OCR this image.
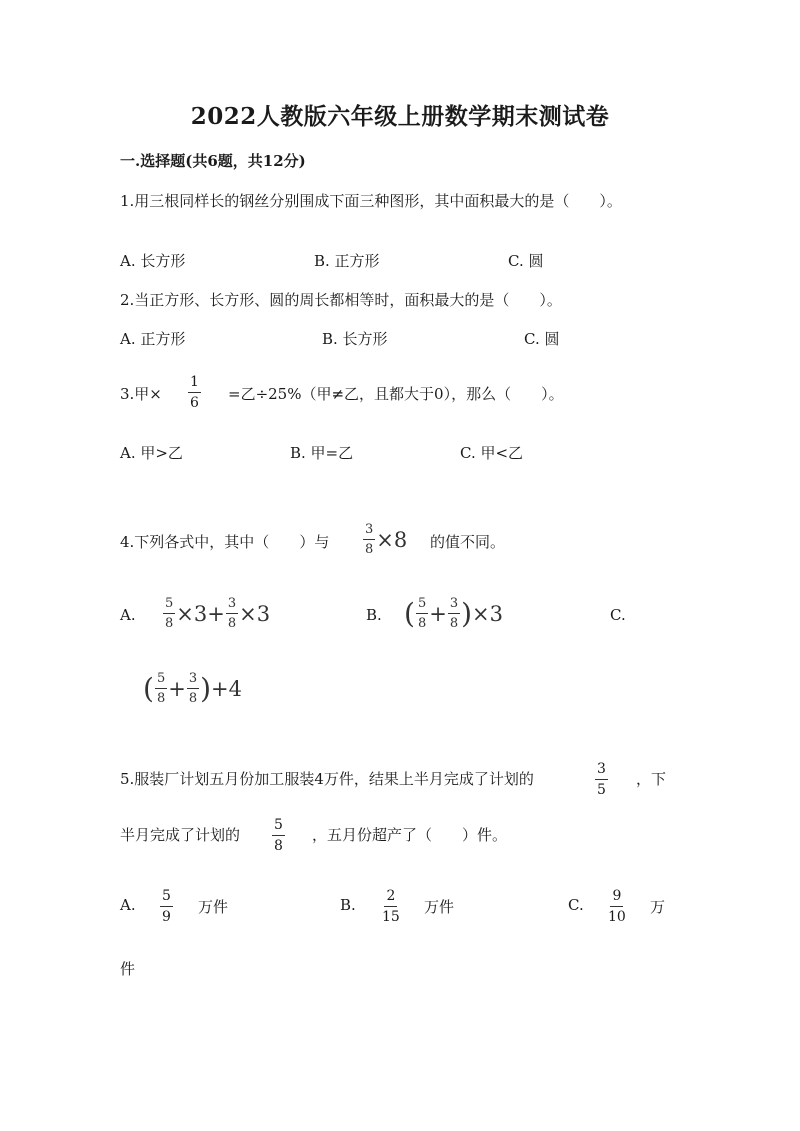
2022人教版六年级上册数学期末测试卷
一.选择题(共6题，共12分)
1.用三根同样长的钢丝分别围成下面三种图形，其中面积最大的是（　　）。
A. 长方形	B. 正方形	C. 圆
2.当正方形、长方形、圆的周长都相等时，面积最大的是（　　）。
A. 正方形	B. 长方形	C. 圆
3.甲× $\frac{1}{6}$ =乙÷25%（甲≠乙，且都大于0），那么（　　）。
A. 甲>乙	B. 甲=乙	C. 甲<乙
4.下列各式中，其中（　　）与	$\frac{3}{8} \times 8$ 的值不同。
A. $\frac{5}{8} \times 3+ \frac{3}{8} \times 3$	B. ( $\frac{5}{8} + \frac{3}{8}$ ) ×3	C.
( $\frac{5}{8} + \frac{3}{8}$ ) +4
5.服装厂计划五月份加工服装4万件，结果上半月完成了计划的	$\frac{3}{5}$ ，下
半月完成了计划的 $\frac{5}{8}$ ，五月份超产了（　　）件。
A. $\frac{5}{9}$ 万件	B. $\frac{2}{15}$ 万件	C. $\frac{9}{10}$ 万
件
